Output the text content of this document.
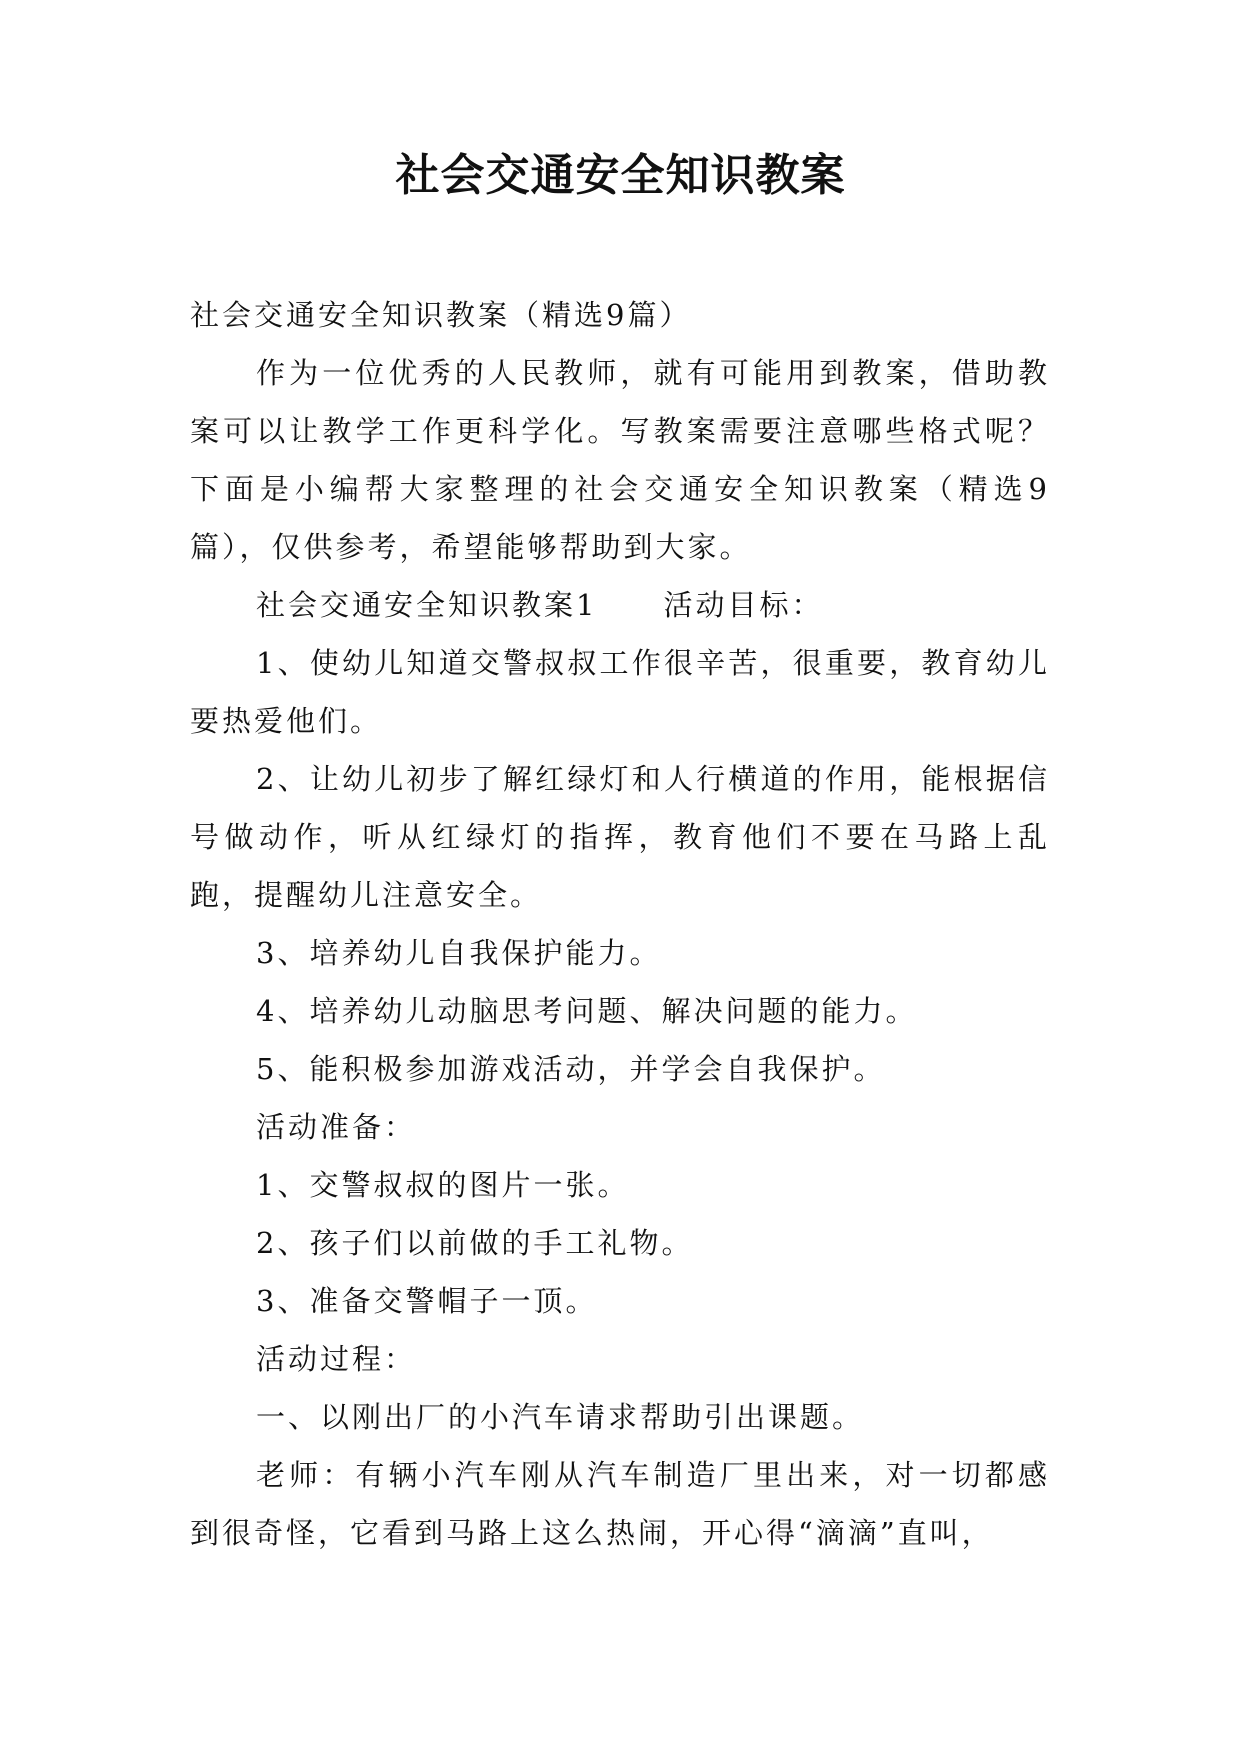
社会交通安全知识教案

社会交通安全知识教案（精选9篇）

作为一位优秀的人民教师，就有可能用到教案，借助教案可以让教学工作更科学化。写教案需要注意哪些格式呢？下面是小编帮大家整理的社会交通安全知识教案（精选9篇），仅供参考，希望能够帮助到大家。

社会交通安全知识教案1 活动目标：

1、使幼儿知道交警叔叔工作很辛苦，很重要，教育幼儿要热爱他们。

2、让幼儿初步了解红绿灯和人行横道的作用，能根据信号做动作，听从红绿灯的指挥，教育他们不要在马路上乱跑，提醒幼儿注意安全。

3、培养幼儿自我保护能力。

4、培养幼儿动脑思考问题、解决问题的能力。

5、能积极参加游戏活动，并学会自我保护。

活动准备：

1、交警叔叔的图片一张。

2、孩子们以前做的手工礼物。

3、准备交警帽子一顶。

活动过程：

一、以刚出厂的小汽车请求帮助引出课题。

老师：有辆小汽车刚从汽车制造厂里出来，对一切都感到很奇怪，它看到马路上这么热闹，开心得“滴滴”直叫，
